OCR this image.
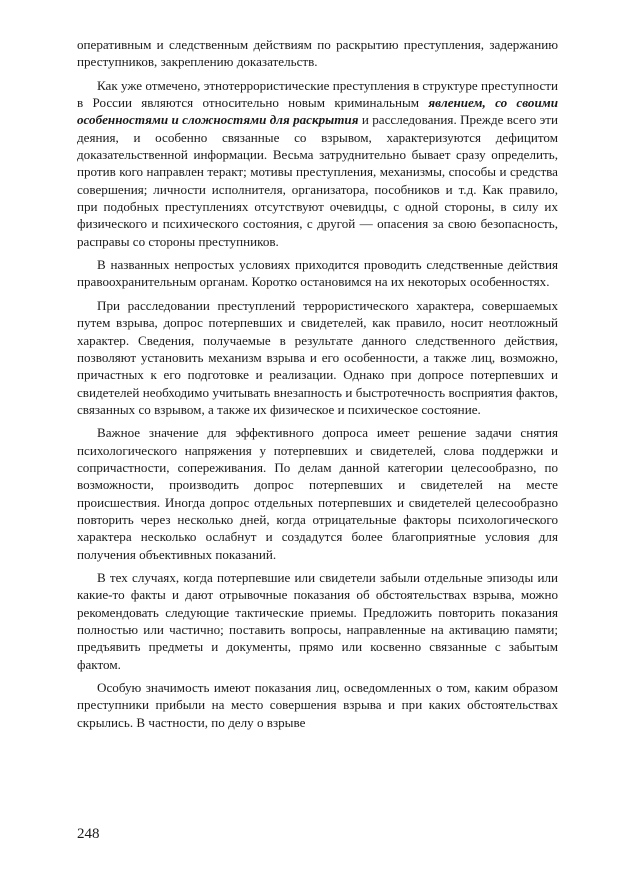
оперативным и следственным действиям по раскрытию преступления, задержанию преступников, закреплению доказательств.

Как уже отмечено, этнотеррористические преступления в структуре преступности в России являются относительно новым криминальным явлением, со своими особенностями и сложностями для раскрытия и расследования. Прежде всего эти деяния, и особенно связанные со взрывом, характеризуются дефицитом доказательственной информации. Весьма затруднительно бывает сразу определить, против кого направлен теракт; мотивы преступления, механизмы, способы и средства совершения; личности исполнителя, организатора, пособников и т.д. Как правило, при подобных преступлениях отсутствуют очевидцы, с одной стороны, в силу их физического и психического состояния, с другой — опасения за свою безопасность, расправы со стороны преступников.

В названных непростых условиях приходится проводить следственные действия правоохранительным органам. Коротко остановимся на их некоторых особенностях.

При расследовании преступлений террористического характера, совершаемых путем взрыва, допрос потерпевших и свидетелей, как правило, носит неотложный характер. Сведения, получаемые в результате данного следственного действия, позволяют установить механизм взрыва и его особенности, а также лиц, возможно, причастных к его подготовке и реализации. Однако при допросе потерпевших и свидетелей необходимо учитывать внезапность и быстротечность восприятия фактов, связанных со взрывом, а также их физическое и психическое состояние.

Важное значение для эффективного допроса имеет решение задачи снятия психологического напряжения у потерпевших и свидетелей, слова поддержки и сопричастности, сопереживания. По делам данной категории целесообразно, по возможности, производить допрос потерпевших и свидетелей на месте происшествия. Иногда допрос отдельных потерпевших и свидетелей целесообразно повторить через несколько дней, когда отрицательные факторы психологического характера несколько ослабнут и создадутся более благоприятные условия для получения объективных показаний.

В тех случаях, когда потерпевшие или свидетели забыли отдельные эпизоды или какие-то факты и дают отрывочные показания об обстоятельствах взрыва, можно рекомендовать следующие тактические приемы. Предложить повторить показания полностью или частично; поставить вопросы, направленные на активацию памяти; предъявить предметы и документы, прямо или косвенно связанные с забытым фактом.

Особую значимость имеют показания лиц, осведомленных о том, каким образом преступники прибыли на место совершения взрыва и при каких обстоятельствах скрылись. В частности, по делу о взрыве

248
